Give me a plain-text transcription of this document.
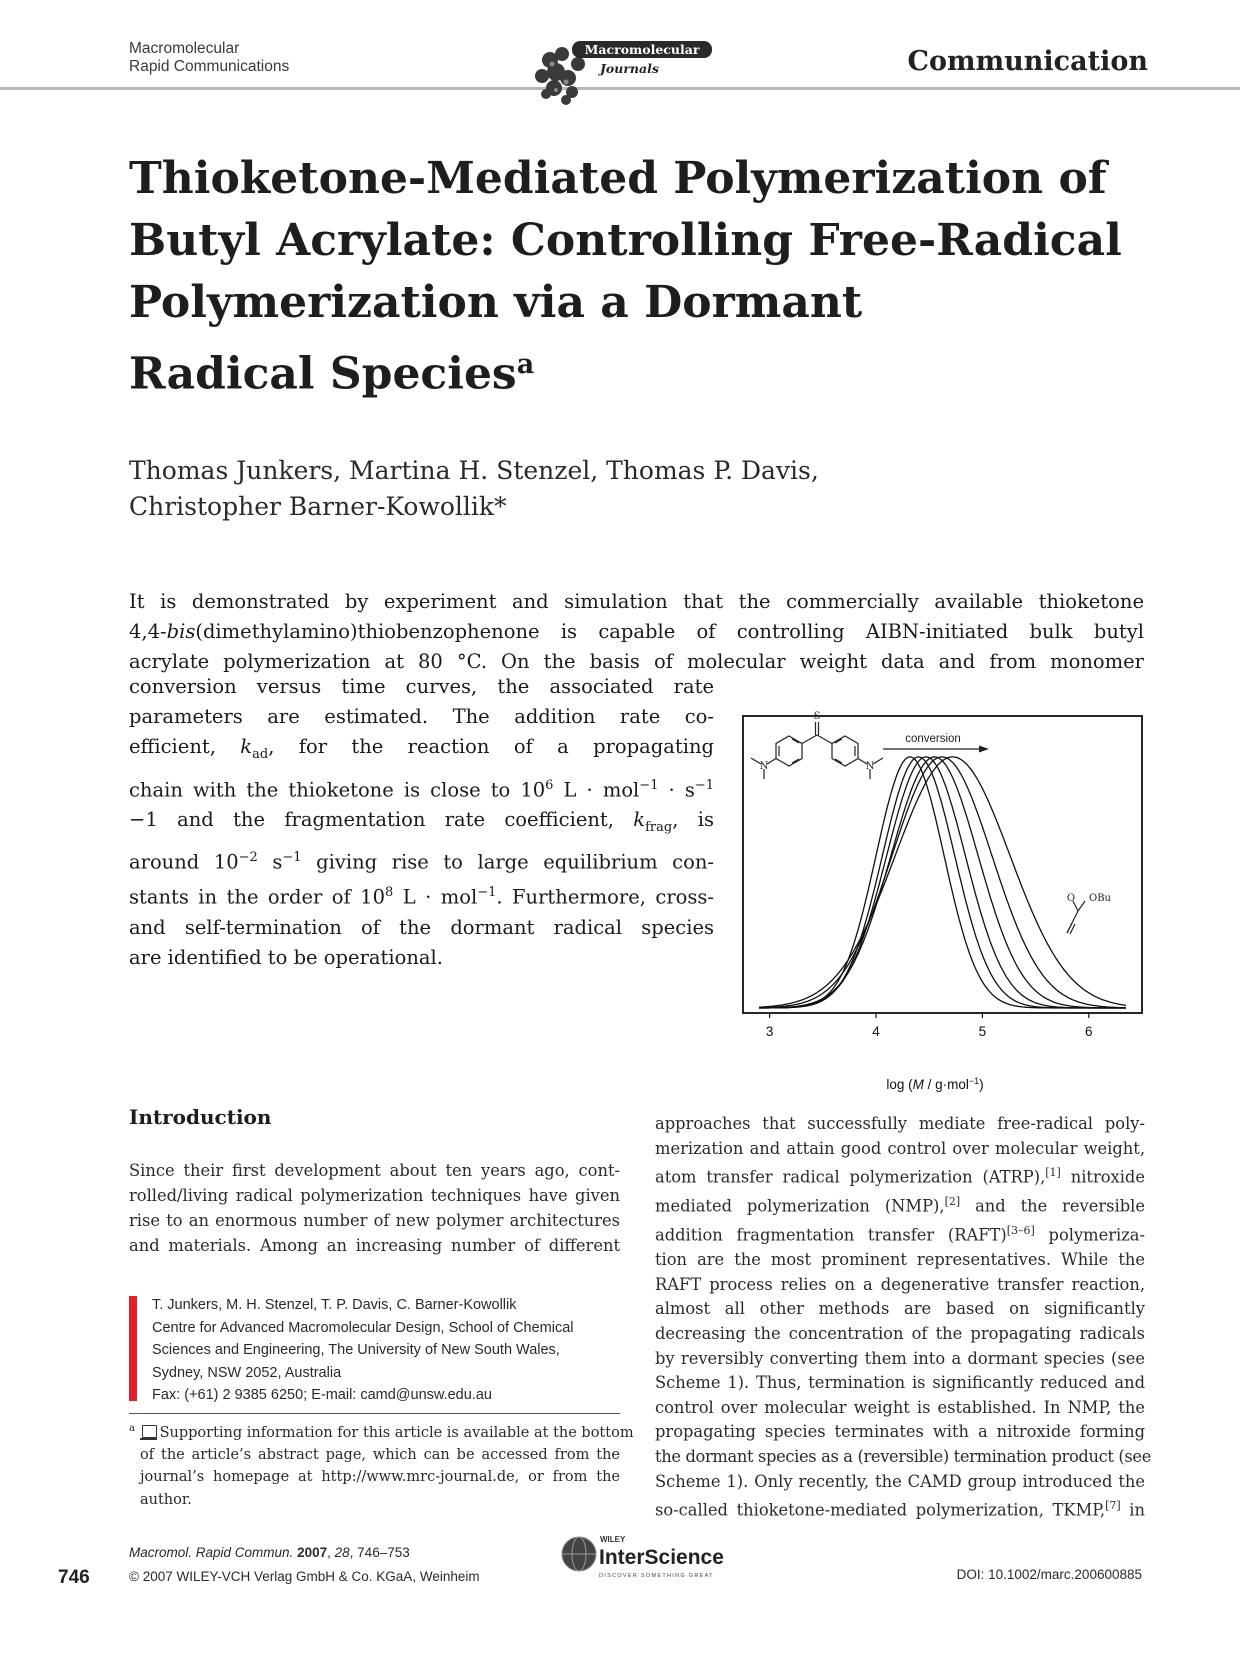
Macromolecular
Rapid Communications
Macromolecular
Journals	Communication
Thioketone-Mediated Polymerization of
Butyl Acrylate: Controlling Free-Radical
Polymerization via a Dormant
Radical Species$^a$
Thomas Junkers, Martina H. Stenzel, Thomas P. Davis,
Christopher Barner-Kowollik*
It is demonstrated by experiment and simulation that the commercially available thioketone
4,4-bis(dimethylamino)thiobenzophenone is capable of controlling AIBN-initiated bulk butyl
acrylate polymerization at 80 °C. On the basis of molecular weight data and from monomer
conversion versus time curves, the associated rate
parameters are estimated. The addition rate co-
efficient, $k_{ad}$, for the reaction of a propagating
chain with the thioketone is close to $10^6$ $L \cdot mol^{-1} \cdot s^{-1}$
−1 and the fragmentation rate coefficient, $k_{frag}$, is
around $10^{-2}$ $s^{-1}$ giving rise to large equilibrium con-
stants in the order of $10^8$ L · mol$^{-1}$. Furthermore, cross-
and self-termination of the dormant radical species
are identified to be operational.
S
N	N
O OBu
conversion
3	4	5	6
log (M / g·mol$^{-1}$)
Introduction
Since their first development about ten years ago, cont-
rolled/living radical polymerization techniques have given
rise to an enormous number of new polymer architectures
and materials. Among an increasing number of different
approaches that successfully mediate free-radical poly-
merization and attain good control over molecular weight,
atom transfer radical polymerization (ATRP),[1] nitroxide
mediated polymerization (NMP),[2] and the reversible
addition fragmentation transfer (RAFT)[3–6] polymeriza-
tion are the most prominent representatives. While the
RAFT process relies on a degenerative transfer reaction,
almost all other methods are based on significantly
decreasing the concentration of the propagating radicals
by reversibly converting them into a dormant species (see
Scheme 1). Thus, termination is significantly reduced and
control over molecular weight is established. In NMP, the
propagating species terminates with a nitroxide forming
the dormant species as a (reversible) termination product (see
Scheme 1). Only recently, the CAMD group introduced the
so-called thioketone-mediated polymerization, TKMP,[7] in
T. Junkers, M. H. Stenzel, T. P. Davis, C. Barner-Kowollik
Centre for Advanced Macromolecular Design, School of Chemical
Sciences and Engineering, The University of New South Wales,
Sydney, NSW 2052, Australia
Fax: (+61) 2 9385 6250; E-mail: camd@unsw.edu.au
$^a$ Supporting information for this article is available at the bottom
of the article’s abstract page, which can be accessed from the
journal’s homepage at http://www.mrc-journal.de, or from the
author.
746
Macromol. Rapid Commun. 2007, 28, 746–753
© 2007 WILEY-VCH Verlag GmbH & Co. KGaA, Weinheim
WILEY
InterScience
DISCOVER SOMETHING GREAT	DOI: 10.1002/marc.200600885
